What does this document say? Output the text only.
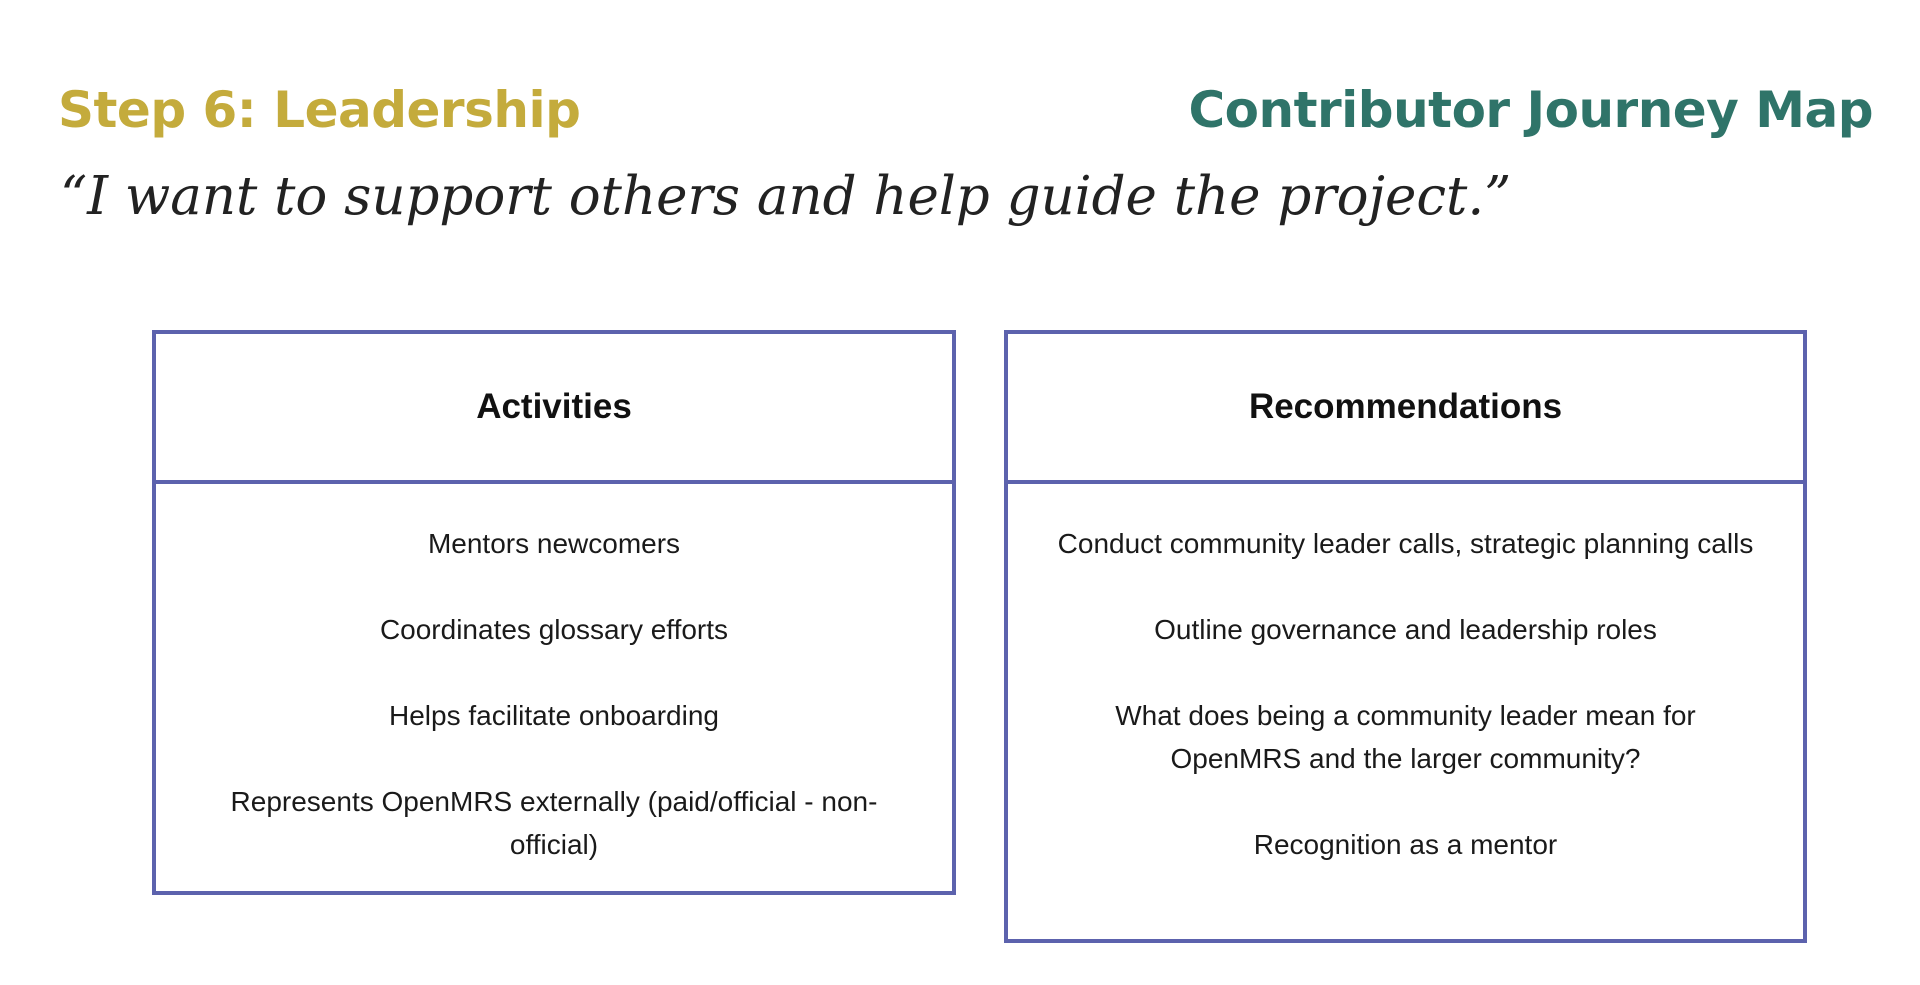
Step 6: Leadership	Contributor Journey Map
“I want to support others and help guide the project.”
Activities
Mentors newcomers
Coordinates glossary efforts
Helps facilitate onboarding
Represents OpenMRS externally (paid/official - non-official)
Recommendations
Conduct community leader calls, strategic planning calls
Outline governance and leadership roles
What does being a community leader mean for OpenMRS and the larger community?
Recognition as a mentor
